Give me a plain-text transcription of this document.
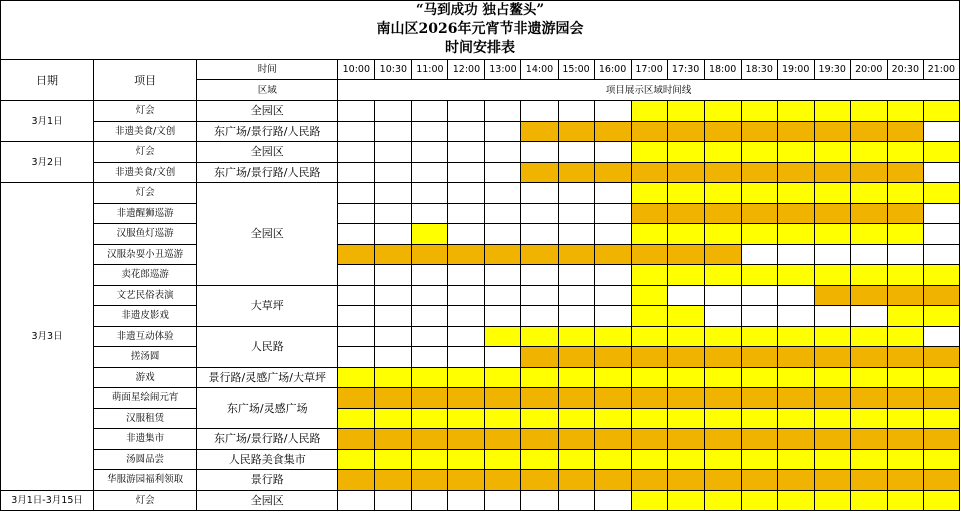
“马到成功 独占鳌头”
南山区2026年元宵节非遗游园会
时间安排表
日期	项目	时间	10:00	10:30	11:00	12:00	13:00	14:00	15:00	16:00	17:00	17:30	18:00	18:30	19:00	19:30	20:00	20:30	21:00
		区域	项目展示区域时间线																
3月1日	灯会	全园区																	
	非遗美食/文创	东广场/景行路/人民路																	
3月2日	灯会	全园区																	
	非遗美食/文创	东广场/景行路/人民路																	
3月3日	灯会	全园区																	
	非遗醒狮巡游																		
	汉服鱼灯巡游																		
	汉服杂耍小丑巡游																		
	卖花郎巡游																		
	文艺民俗表演	大草坪																	
	非遗皮影戏																		
	非遗互动体验	人民路																	
	搓汤圆																		
	游戏	景行路/灵感广场/大草坪																	
	萌面星绘闹元宵	东广场/灵感广场																	
	汉服租赁																		
	非遗集市	东广场/景行路/人民路																	
	汤圆品尝	人民路美食集市																	
	华服游园福利领取	景行路																	
3月1日-3月15日	灯会	全园区																	
